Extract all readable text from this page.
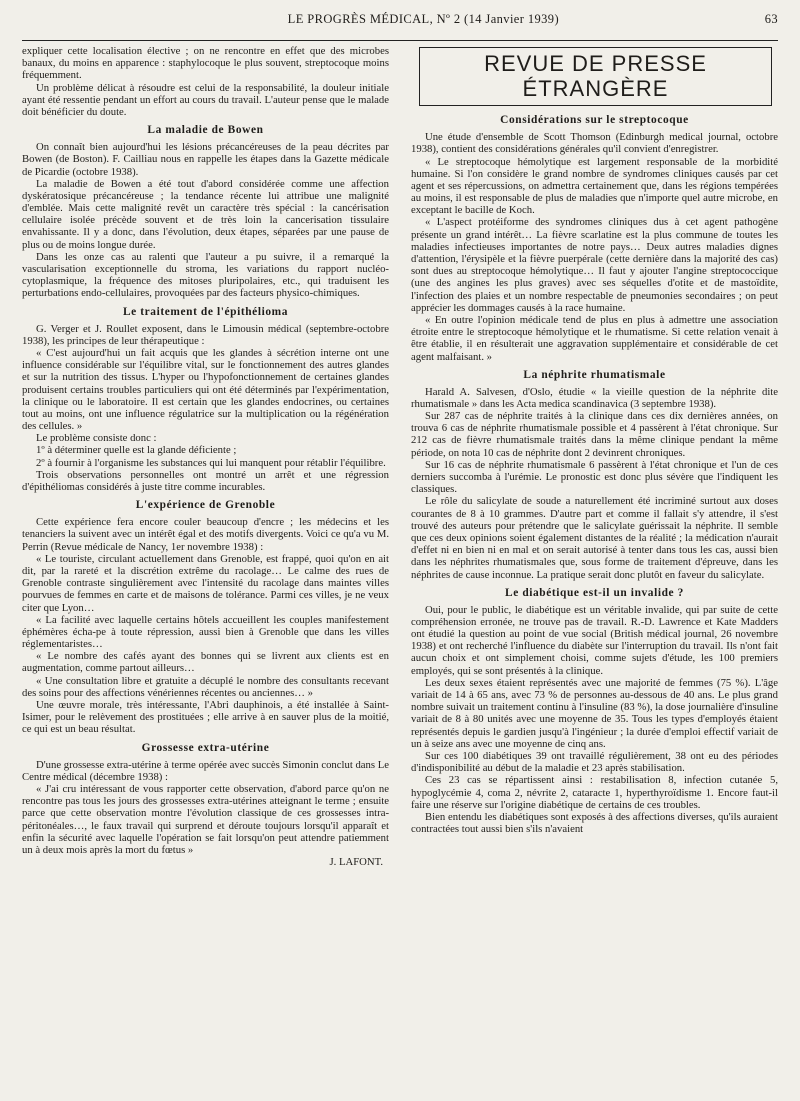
LE PROGRÈS MÉDICAL, Nº 2 (14 Janvier 1939)	63

expliquer cette localisation élective ; on ne rencontre en effet que des microbes banaux, du moins en apparence : staphylocoque le plus souvent, streptocoque moins fréquemment.

Un problème délicat à résoudre est celui de la responsabilité, la douleur initiale ayant été ressentie pendant un effort au cours du travail. L'auteur pense que le malade doit bénéficier du doute.

La maladie de Bowen

On connaît bien aujourd'hui les lésions précancéreuses de la peau décrites par Bowen (de Boston). F. Cailliau nous en rappelle les étapes dans la Gazette médicale de Picardie (octobre 1938).

La maladie de Bowen a été tout d'abord considérée comme une affection dyskératosique précancéreuse ; la tendance récente lui attribue une malignité d'emblée. Mais cette malignité revêt un caractère très spécial : la cancérisation cellulaire isolée précède souvent et de très loin la cancerisation tissulaire envahissante. Il y a donc, dans l'évolution, deux étapes, séparées par une pause de plus ou de moins longue durée.

Dans les onze cas au ralenti que l'auteur a pu suivre, il a remarqué la vascularisation exceptionnelle du stroma, les variations du rapport nucléo-cytoplasmique, la fréquence des mitoses pluripolaires, etc., qui traduisent les perturbations endo-cellulaires, provoquées par des facteurs physico-chimiques.

Le traitement de l'épithélioma

G. Verger et J. Roullet exposent, dans le Limousin médical (septembre-octobre 1938), les principes de leur thérapeutique :

« C'est aujourd'hui un fait acquis que les glandes à sécrétion interne ont une influence considérable sur l'équilibre vital, sur le fonctionnement des autres glandes et sur la nutrition des tissus. L'hyper ou l'hypofonctionnement de certaines glandes produisent certains troubles particuliers qui ont été déterminés par l'expérimentation, la clinique ou le laboratoire. Il est certain que les glandes endocrines, ou certaines tout au moins, ont une influence régulatrice sur la multiplication ou la régénération des cellules. »

Le problème consiste donc :

1º à déterminer quelle est la glande déficiente ;

2º à fournir à l'organisme les substances qui lui manquent pour rétablir l'équilibre.

Trois observations personnelles ont montré un arrêt et une régression d'épithéliomas considérés à juste titre comme incurables.

L'expérience de Grenoble

Cette expérience fera encore couler beaucoup d'encre ; les médecins et les tenanciers la suivent avec un intérêt égal et des motifs divergents. Voici ce qu'a vu M. Perrin (Revue médicale de Nancy, 1er novembre 1938) :

« Le touriste, circulant actuellement dans Grenoble, est frappé, quoi qu'on en ait dit, par la rareté et la discrétion extrême du racolage… Le calme des rues de Grenoble contraste singulièrement avec l'intensité du racolage dans maintes villes pourvues de femmes en carte et de maisons de tolérance. Parmi ces villes, je ne veux citer que Lyon…

« La facilité avec laquelle certains hôtels accueillent les couples manifestement éphémères écha-pe à toute répression, aussi bien à Grenoble que dans les villes réglementaristes…

« Le nombre des cafés ayant des bonnes qui se livrent aux clients est en augmentation, comme partout ailleurs…

« Une consultation libre et gratuite a décuplé le nombre des consultants recevant des soins pour des affections vénériennes récentes ou anciennes… »

Une œuvre morale, très intéressante, l'Abri dauphinois, a été installée à Saint-Isimer, pour le relèvement des prostituées ; elle arrive à en sauver plus de la moitié, ce qui est un beau résultat.

Grossesse extra-utérine

D'une grossesse extra-utérine à terme opérée avec succès Simonin conclut dans Le Centre médical (décembre 1938) :

« J'ai cru intéressant de vous rapporter cette observation, d'abord parce qu'on ne rencontre pas tous les jours des grossesses extra-utérines atteignant le terme ; ensuite parce que cette observation montre l'évolution classique de ces grossesses intra-péritonéales…, le faux travail qui surprend et déroute toujours lorsqu'il apparaît et enfin la sécurité avec laquelle l'opération se fait lorsqu'on peut attendre patiemment un à deux mois après la mort du fœtus »

J. LAFONT.
REVUE DE PRESSE ÉTRANGÈRE
Considérations sur le streptocoque

Une étude d'ensemble de Scott Thomson (Edinburgh medical journal, octobre 1938), contient des considérations générales qu'il convient d'enregistrer.

« Le streptocoque hémolytique est largement responsable de la morbidité humaine. Si l'on considère le grand nombre de syndromes cliniques causés par cet agent et ses répercussions, on admettra certainement que, dans les régions tempérées au moins, il est responsable de plus de maladies que n'importe quel autre microbe, en exceptant le bacille de Koch.

« L'aspect protéiforme des syndromes cliniques dus à cet agent pathogène présente un grand intérêt… La fièvre scarlatine est la plus commune de toutes les maladies infectieuses importantes de notre pays… Deux autres maladies dignes d'attention, l'érysipèle et la fièvre puerpérale (cette dernière dans la majorité des cas) sont dues au streptocoque hémolytique… Il faut y ajouter l'angine streptococcique (une des angines les plus graves) avec ses séquelles d'otite et de mastoïdite, l'infection des plaies et un nombre respectable de pneumonies secondaires ; on peut apprécier les dommages causés à la race humaine.

« En outre l'opinion médicale tend de plus en plus à admettre une association étroite entre le streptocoque hémolytique et le rhumatisme. Si cette relation venait à être établie, il en résulterait une aggravation supplémentaire et considérable de cet agent malfaisant. »

La néphrite rhumatismale

Harald A. Salvesen, d'Oslo, étudie « la vieille question de la néphrite dite rhumatismale » dans les Acta medica scandinavica (3 septembre 1938).

Sur 287 cas de néphrite traités à la clinique dans ces dix dernières années, on trouva 6 cas de néphrite rhumatismale possible et 4 passèrent à l'état chronique. Sur 212 cas de fièvre rhumatismale traités dans la même clinique pendant la même période, on nota 10 cas de néphrite dont 2 devinrent chroniques.

Sur 16 cas de néphrite rhumatismale 6 passèrent à l'état chronique et l'un de ces derniers succomba à l'urémie. Le pronostic est donc plus sévère que l'indiquent les classiques.

Le rôle du salicylate de soude a naturellement été incriminé surtout aux doses courantes de 8 à 10 grammes. D'autre part et comme il fallait s'y attendre, il s'est trouvé des auteurs pour prétendre que le salicylate guérissait la néphrite. Il semble que ces deux opinions soient également distantes de la réalité ; la médication n'aurait d'effet ni en bien ni en mal et on serait autorisé à tenter dans tous les cas, aussi bien dans les néphrites rhumatismales que, sous forme de traitement d'épreuve, dans les néphrites de cause inconnue. La pratique serait donc plutôt en faveur du salicylate.

Le diabétique est-il un invalide ?

Oui, pour le public, le diabétique est un véritable invalide, qui par suite de cette compréhension erronée, ne trouve pas de travail. R.-D. Lawrence et Kate Madders ont étudié la question au point de vue social (British médical journal, 26 novembre 1938) et ont recherché l'influence du diabète sur l'interruption du travail. Ils n'ont fait aucun choix et ont simplement choisi, comme sujets d'étude, les 100 premiers employés, qui se sont présentés à la clinique.

Les deux sexes étaient représentés avec une majorité de femmes (75 %). L'âge variait de 14 à 65 ans, avec 73 % de personnes au-dessous de 40 ans. Le plus grand nombre suivait un traitement continu à l'insuline (83 %), la dose journalière d'insuline variait de 8 à 80 unités avec une moyenne de 35. Tous les types d'employés étaient représentés depuis le gardien jusqu'à l'ingénieur ; la durée d'emploi effectif variait de un à seize ans avec une moyenne de cinq ans.

Sur ces 100 diabétiques 39 ont travaillé régulièrement, 38 ont eu des périodes d'indisponibilité au début de la maladie et 23 après stabilisation.

Ces 23 cas se répartissent ainsi : restabilisation 8, infection cutanée 5, hypoglycémie 4, coma 2, névrite 2, cataracte 1, hyperthyroïdisme 1. Encore faut-il faire une réserve sur l'origine diabétique de certains de ces troubles.

Bien entendu les diabétiques sont exposés à des affections diverses, qu'ils auraient contractées tout aussi bien s'ils n'avaient
